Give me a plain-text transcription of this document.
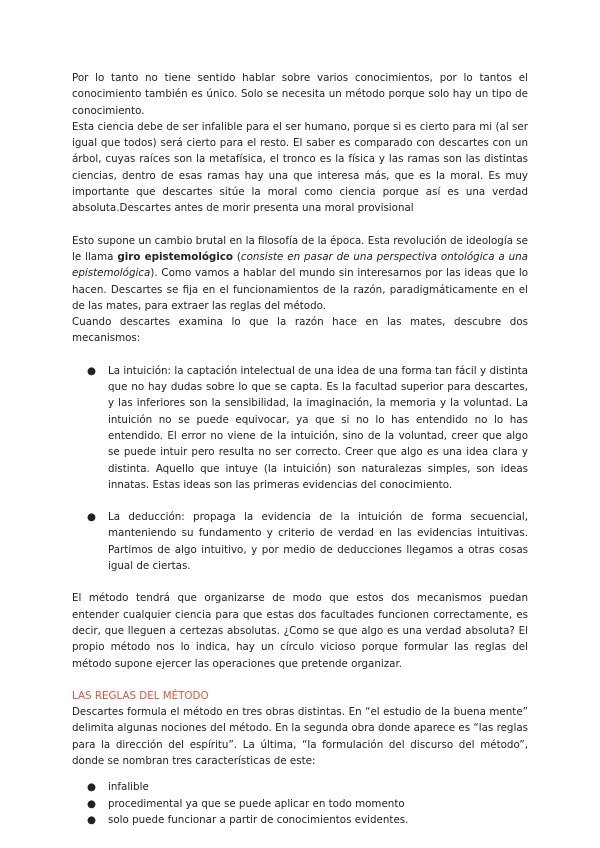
Por lo tanto no tiene sentido hablar sobre varios conocimientos, por lo tantos el conocimiento también es único. Solo se necesita un método porque solo hay un tipo de conocimiento.

Esta ciencia debe de ser infalible para el ser humano, porque si es cierto para mi (al ser igual que todos) será cierto para el resto. El saber es comparado con descartes con un árbol, cuyas raíces son la metafísica, el tronco es la física y las ramas son las distintas ciencias, dentro de esas ramas hay una que interesa más, que es la moral. Es muy importante que descartes sitúe la moral como ciencia porque así es una verdad absoluta.Descartes antes de morir presenta una moral provisional

Esto supone un cambio brutal en la filosofía de la época. Esta revolución de ideología se le llama giro epistemológico (consiste en pasar de una perspectiva ontológica a una epistemológica). Como vamos a hablar del mundo sin interesarnos por las ideas que lo hacen. Descartes se fija en el funcionamientos de la razón, paradigmáticamente en el de las mates, para extraer las reglas del método.

Cuando descartes examina lo que la razón hace en las mates, descubre dos mecanismos:

● La intuición: la captación intelectual de una idea de una forma tan fácil y distinta que no hay dudas sobre lo que se capta. Es la facultad superior para descartes, y las inferiores son la sensibilidad, la imaginación, la memoria y la voluntad. La intuición no se puede equivocar, ya que si no lo has entendido no lo has entendido. El error no viene de la intuición, sino de la voluntad, creer que algo se puede intuir pero resulta no ser correcto. Creer que algo es una idea clara y distinta. Aquello que intuye (la intuición) son naturalezas simples, son ideas innatas. Estas ideas son las primeras evidencias del conocimiento.
● La deducción: propaga la evidencia de la intuición de forma secuencial, manteniendo su fundamento y criterio de verdad en las evidencias intuitivas. Partimos de algo intuitivo, y por medio de deducciones llegamos a otras cosas igual de ciertas.

El método tendrá que organizarse de modo que estos dos mecanismos puedan entender cualquier ciencia para que estas dos facultades funcionen correctamente, es decir, que lleguen a certezas absolutas. ¿Como se que algo es una verdad absoluta? El propio método nos lo indica, hay un círculo vicioso porque formular las reglas del método supone ejercer las operaciones que pretende organizar.

LAS REGLAS DEL MÉTODO

Descartes formula el método en tres obras distintas. En “el estudio de la buena mente” delimita algunas nociones del método. En la segunda obra donde aparece es “las reglas para la dirección del espíritu”. La última, “la formulación del discurso del método”, donde se nombran tres características de este:

● infalible
● procedimental ya que se puede aplicar en todo momento
● solo puede funcionar a partir de conocimientos evidentes.
